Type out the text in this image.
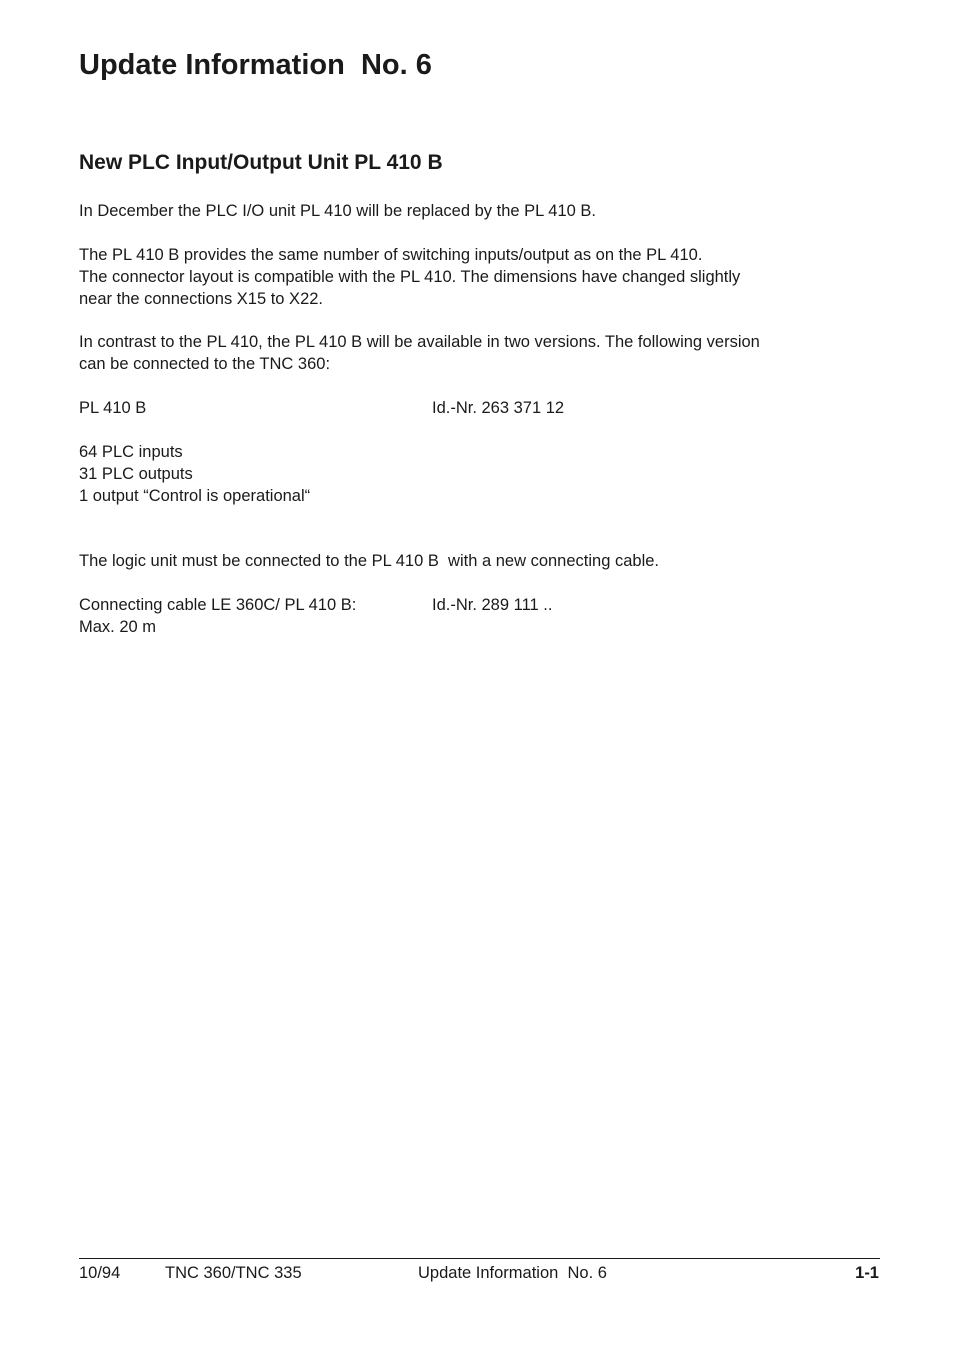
Update Information  No. 6
New PLC Input/Output Unit PL 410 B

In December the PLC I/O unit PL 410 will be replaced by the PL 410 B.

The PL 410 B provides the same number of switching inputs/output as on the PL 410.

The connector layout is compatible with the PL 410. The dimensions have changed slightly

near the connections X15 to X22.

In contrast to the PL 410, the PL 410 B will be available in two versions. The following version

can be connected to the TNC 360:

PL 410 B	Id.-Nr. 263 371 12

64 PLC inputs

31 PLC outputs

1 output “Control is operational“

The logic unit must be connected to the PL 410 B  with a new connecting cable.

Connecting cable LE 360C/ PL 410 B:	Id.-Nr. 289 111 ..

Max. 20 m

10/94	TNC 360/TNC 335	Update Information  No. 6	1-1
